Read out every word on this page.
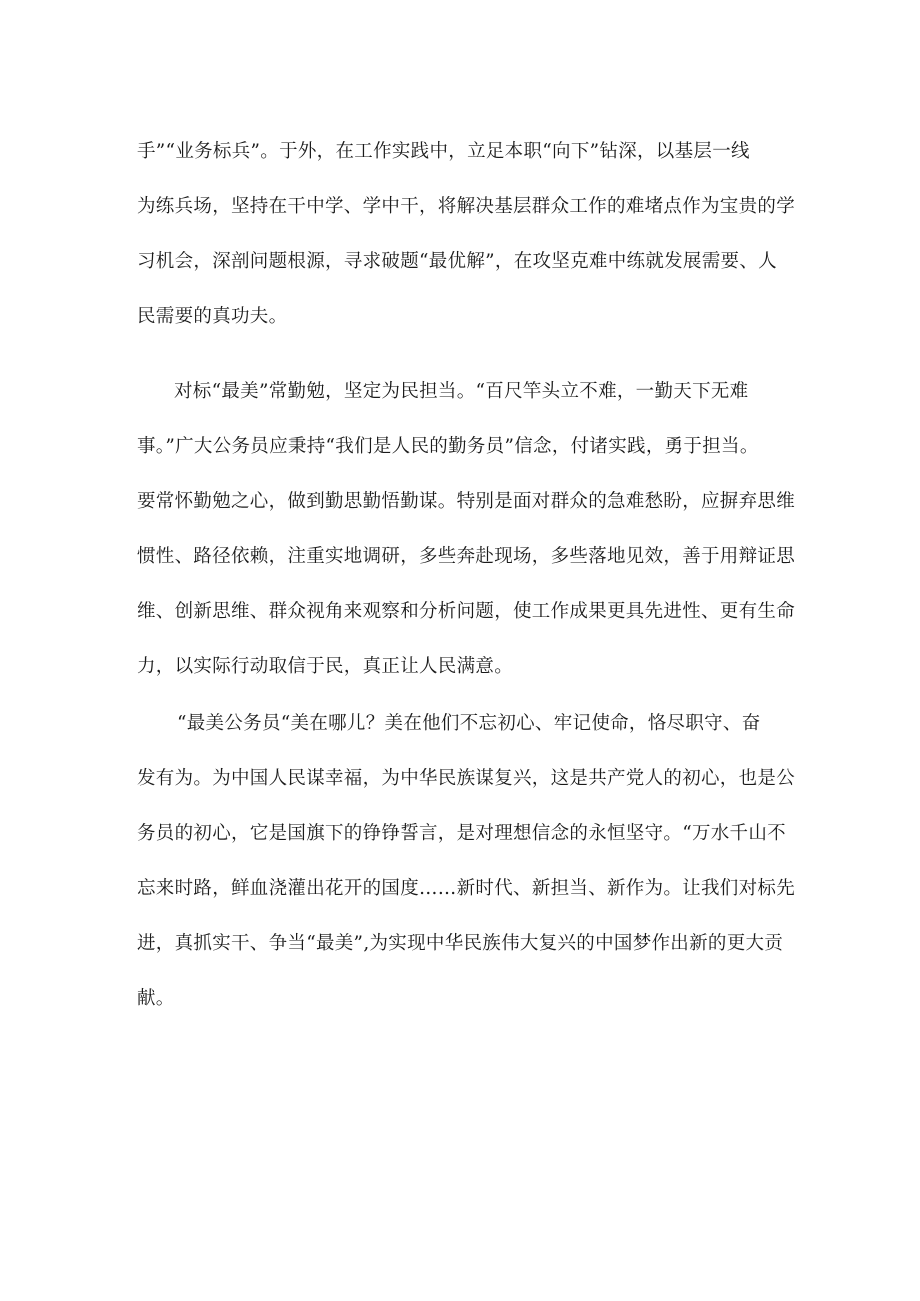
手”“业务标兵”。于外，在工作实践中，立足本职“向下”钻深，以基层一线
为练兵场，坚持在干中学、学中干，将解决基层群众工作的难堵点作为宝贵的学
习机会，深剖问题根源，寻求破题“最优解”，在攻坚克难中练就发展需要、人
民需要的真功夫。
对标“最美”常勤勉，坚定为民担当。“百尺竿头立不难，一勤天下无难
事。”广大公务员应秉持“我们是人民的勤务员”信念，付诸实践，勇于担当。
要常怀勤勉之心，做到勤思勤悟勤谋。特别是面对群众的急难愁盼，应摒弃思维
惯性、路径依赖，注重实地调研，多些奔赴现场，多些落地见效，善于用辩证思
维、创新思维、群众视角来观察和分析问题，使工作成果更具先进性、更有生命
力，以实际行动取信于民，真正让人民满意。
“最美公务员“美在哪儿？美在他们不忘初心、牢记使命，恪尽职守、奋
发有为。为中国人民谋幸福，为中华民族谋复兴，这是共产党人的初心，也是公
务员的初心，它是国旗下的铮铮誓言，是对理想信念的永恒坚守。“万水千山不
忘来时路，鲜血浇灌出花开的国度……新时代、新担当、新作为。让我们对标先
进，真抓实干、争当“最美”,为实现中华民族伟大复兴的中国梦作出新的更大贡
献。
